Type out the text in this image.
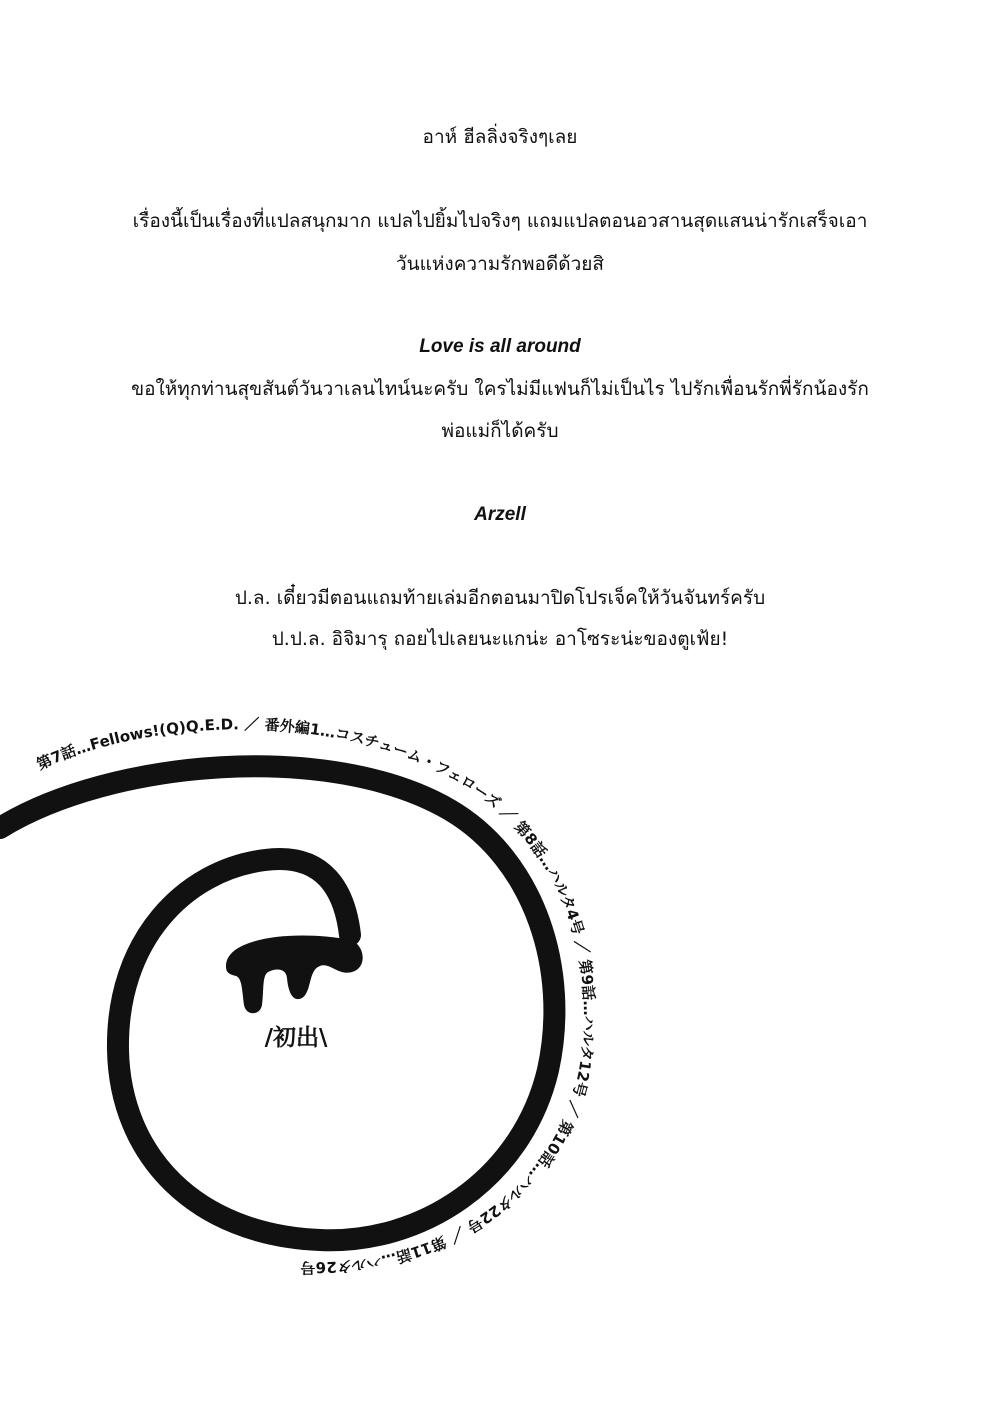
อาห์ ฮีลลิ่งจริงๆเลย
เรื่องนี้เป็นเรื่องที่แปลสนุกมาก แปลไปยิ้มไปจริงๆ แถมแปลตอนอวสานสุดแสนน่ารักเสร็จเอา
วันแห่งความรักพอดีด้วยสิ
Love is all around
ขอให้ทุกท่านสุขสันต์วันวาเลนไทน์นะครับ ใครไม่มีแฟนก็ไม่เป็นไร ไปรักเพื่อนรักพี่รักน้องรัก
พ่อแม่ก็ได้ครับ
Arzell
ป.ล. เดี๋ยวมีตอนแถมท้ายเล่มอีกตอนมาปิดโปรเจ็คให้วันจันทร์ครับ
ป.ป.ล. อิจิมารุ ถอยไปเลยนะแกน่ะ อาโซระน่ะของตูเฟ้ย!
/初出\
第7話…Fellows!(Q)Q.E.D. ／ 番外編1…コスチューム・フェローズ ／ 第8話…ハルタ4号 ／ 第9話…ハルタ12号 ／ 第10話…ハルタ22号 ／ 第11話…ハルタ26号
